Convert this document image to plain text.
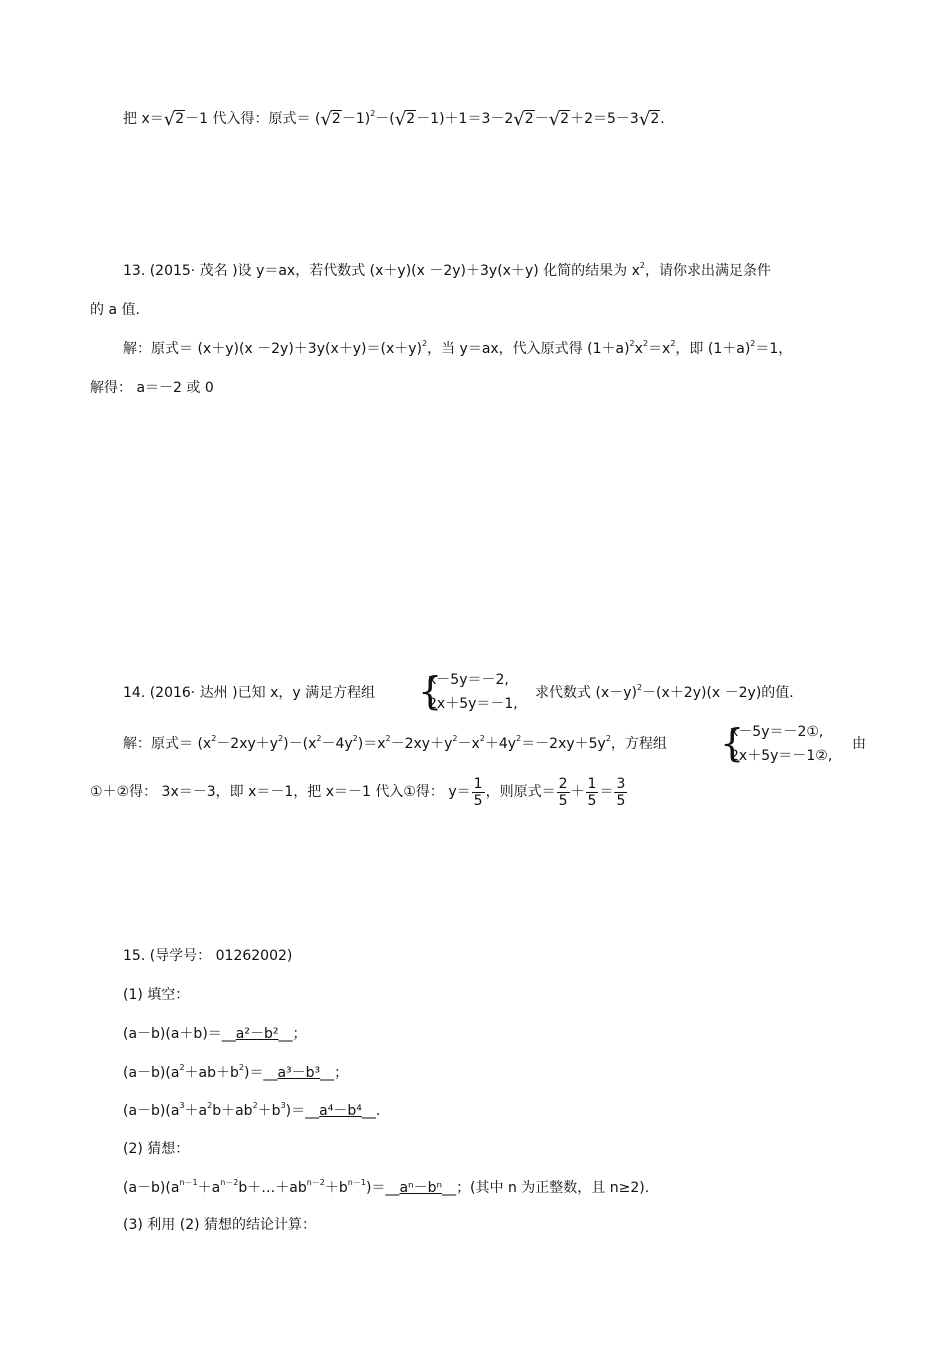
把 x＝√2－1 代入得：原式＝ $(√2-1)^2-(√2-1)+1=3-2√2-√2+2=5-3√2$.
13. (2015· 茂名 )设 y＝ax，若代数式 (x＋y)(x －2y)＋3y(x＋y) 化简的结果为 $x^2$，请你求出满足条件
的 a 值.
解：原式＝ $(x+y)(x -2y)+3y(x+y)=(x+y)^2$，当 y＝ax，代入原式得 $(1+a)^2x^2=x^2$，即 $(1+a)^2=1$，
解得： a＝－2 或 0
14. (2016· 达州 )已知 x，y 满足方程组 {
x－5y＝－2,
2x＋5y＝－1,
求代数式 $(x-y)^2-(x+2y)(x -2y)$的值.
解：原式＝ $(x^2-2xy+y^2)-(x^2-4y^2)=x^2-2xy+y^2-x^2+4y^2=-2xy+5y^2$，方程组 {
x－5y＝－2①,
2x＋5y＝－1②,
由
①＋②得： 3x＝－3，即 x＝－1，把 x＝－1 代入①得： $y= \frac{1}{5}$ ，则原式＝ $\frac{2}{5} + \frac{1}{5} = \frac{3}{5}$
15. (导学号： 01262002)
(1) 填空：
(a－b)(a＋b)＝__a²－b²__；
$(a-b)(a^2+ab+b^2)=\_\_a^3-b^3\_\_$；
$(a-b)(a^3+a^2b+ab^2+b^3)=\_\_a^4-b^4\_\_$.
(2) 猜想：
$(a-b)(a^{n-1}+a^{n-2}b+\dots+ab^{n-2}+b^{n-1})=\_\_a^n-b^n\_\_$；(其中 n 为正整数，且 n≥2).
(3) 利用 (2) 猜想的结论计算：
